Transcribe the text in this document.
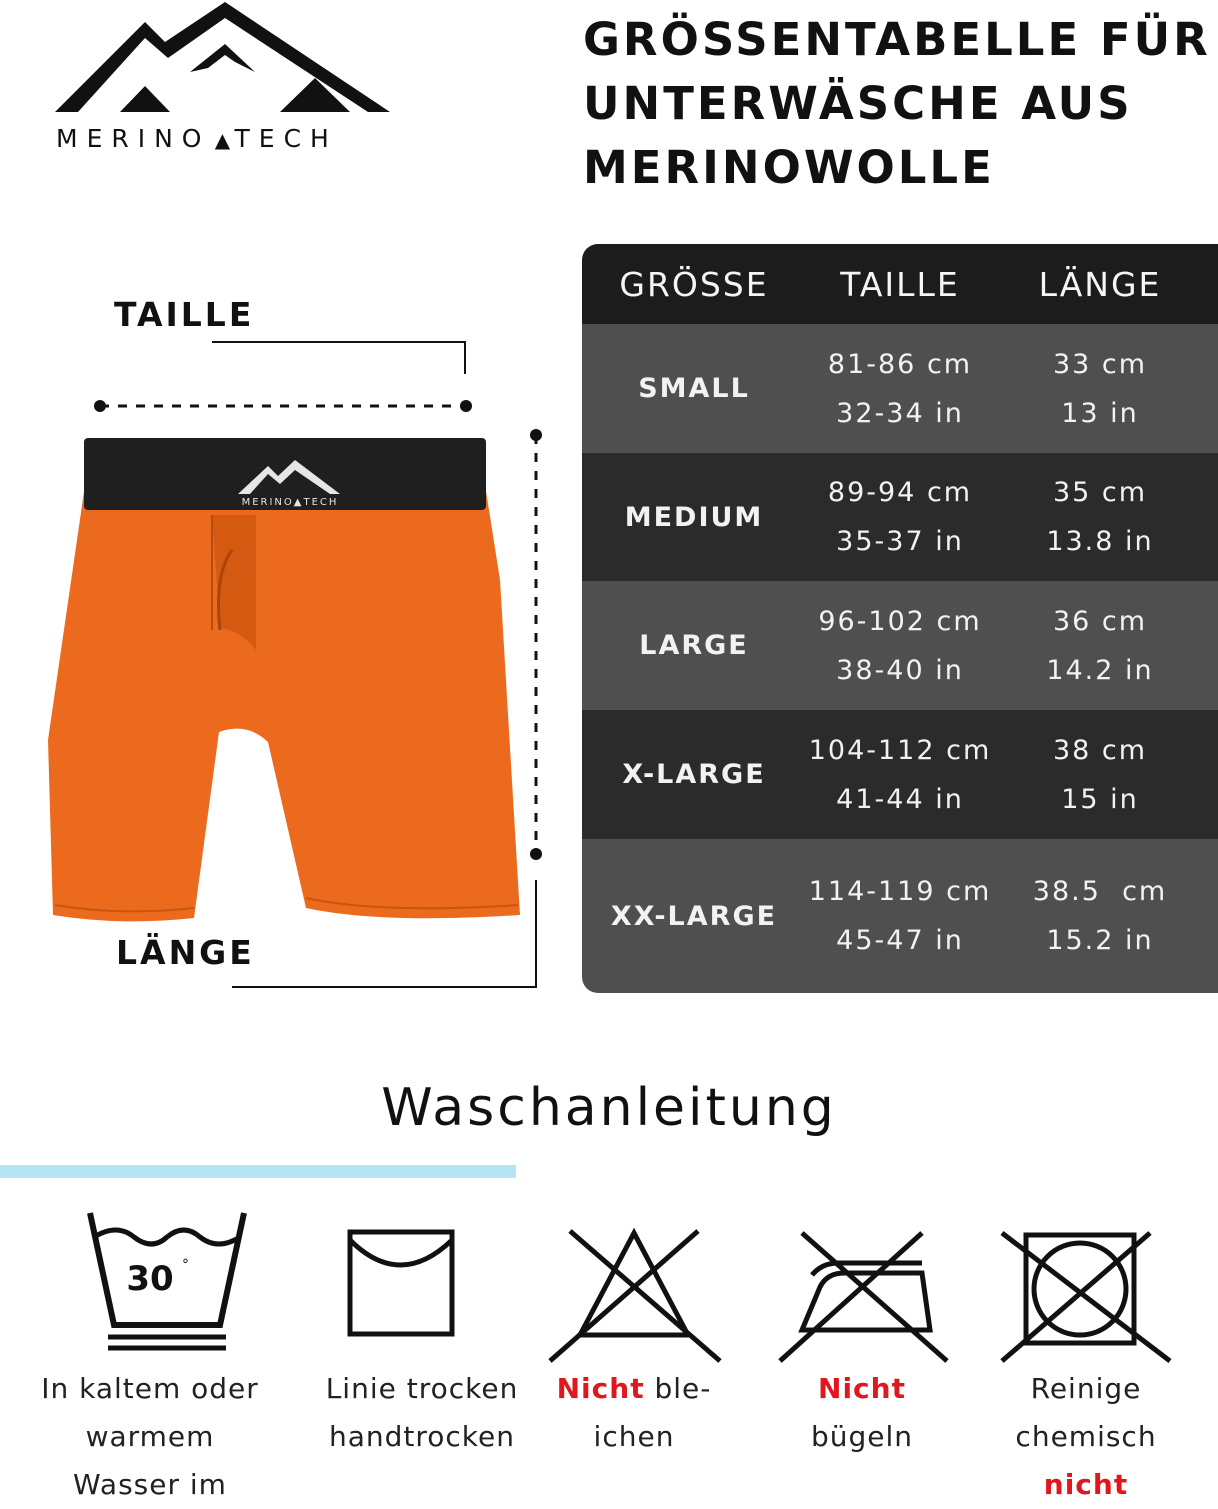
MERINO ▲ TECH
GRÖSSENTABELLE FÜR
UNTERWÄSCHE AUS
MERINOWOLLE
TAILLE
LÄNGE
MERINO▲TECH
GRÖSSE	TAILLE	LÄNGE
SMALL
81-86 cm
32-34 in
33 cm
13 in
MEDIUM
89-94 cm
35-37 in
35 cm
13.8 in
LARGE
96-102 cm
38-40 in
36 cm
14.2 in
X-LARGE
104-112 cm
41-44 in
38 cm
15 in
XX-LARGE
114-119 cm
45-47 in
38.5  cm
15.2 in
Waschanleitung
30 °
In kaltem oder
warmem
Wasser im
Linie trocken
handtrocken
Nicht ble-
ichen
Nicht
bügeln
Reinige
chemisch
nicht
